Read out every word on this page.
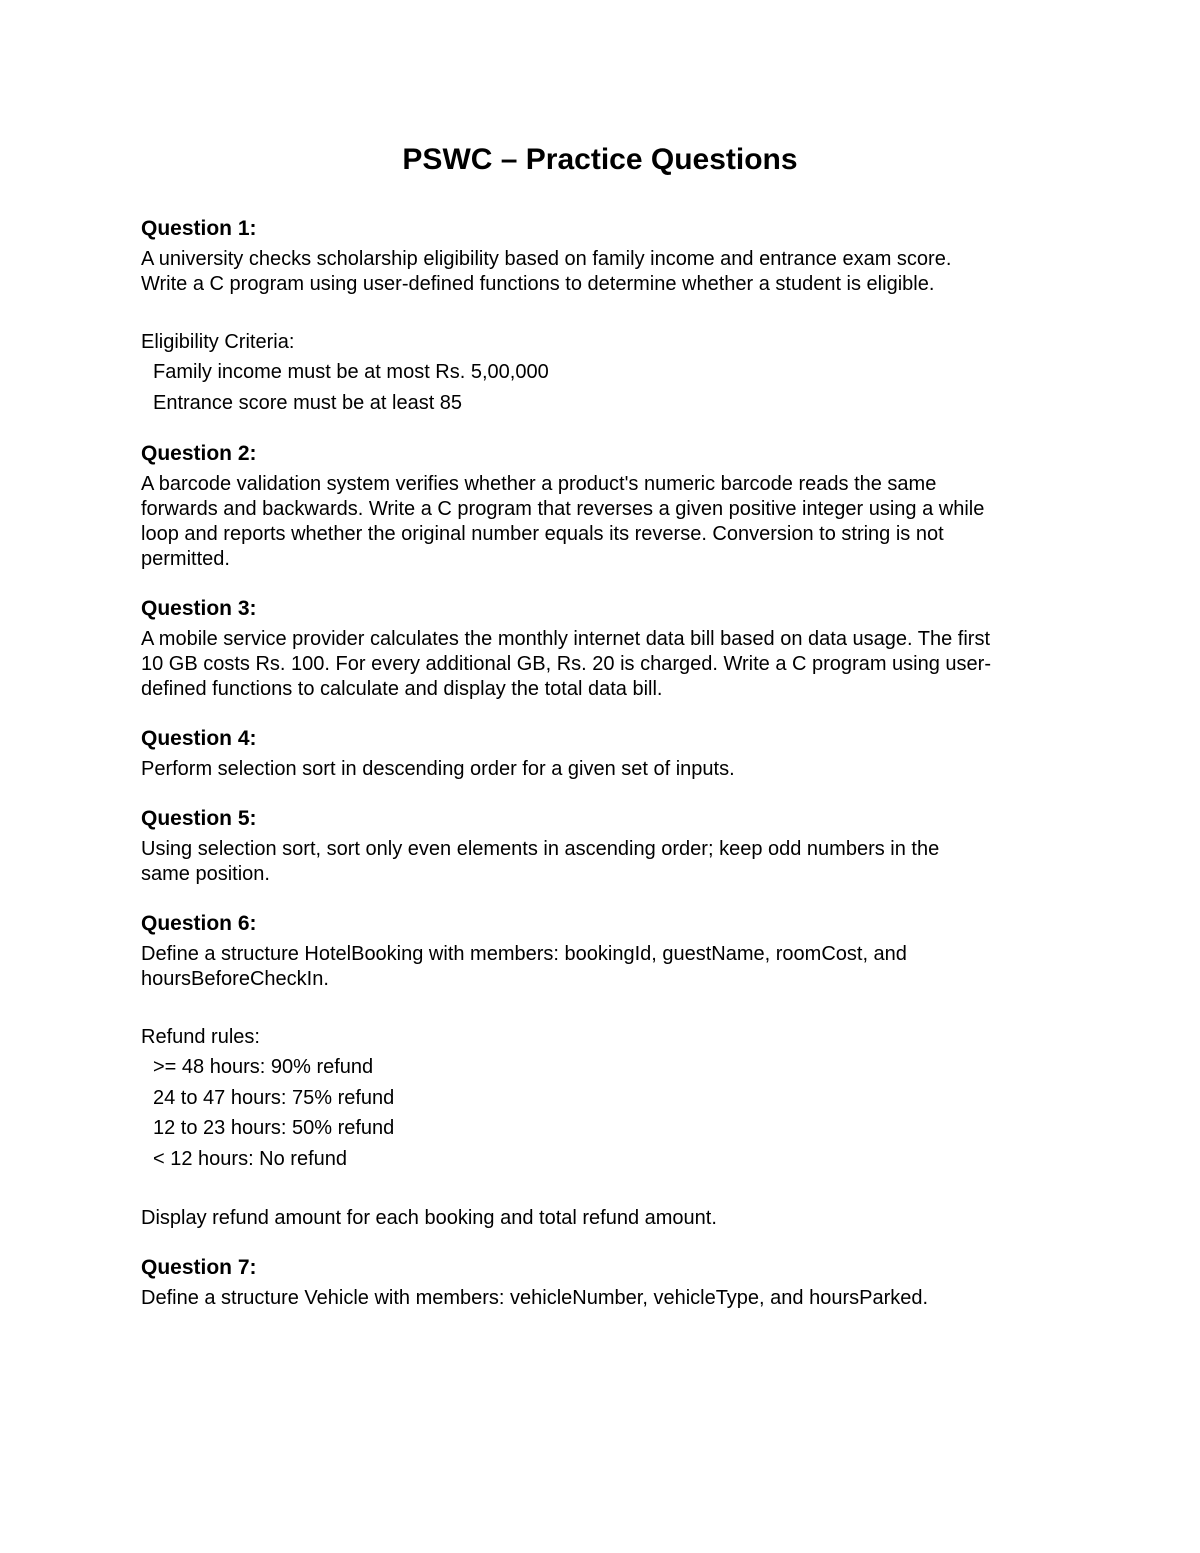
PSWC – Practice Questions

Question 1:

A university checks scholarship eligibility based on family income and entrance exam score.

Write a C program using user-defined functions to determine whether a student is eligible.

Eligibility Criteria:

Family income must be at most Rs. 5,00,000

Entrance score must be at least 85

Question 2:

A barcode validation system verifies whether a product's numeric barcode reads the same

forwards and backwards. Write a C program that reverses a given positive integer using a while

loop and reports whether the original number equals its reverse. Conversion to string is not

permitted.

Question 3:

A mobile service provider calculates the monthly internet data bill based on data usage. The first

10 GB costs Rs. 100. For every additional GB, Rs. 20 is charged. Write a C program using user-

defined functions to calculate and display the total data bill.

Question 4:

Perform selection sort in descending order for a given set of inputs.

Question 5:

Using selection sort, sort only even elements in ascending order; keep odd numbers in the

same position.

Question 6:

Define a structure HotelBooking with members: bookingId, guestName, roomCost, and

hoursBeforeCheckIn.

Refund rules:

>= 48 hours: 90% refund

24 to 47 hours: 75% refund

12 to 23 hours: 50% refund

< 12 hours: No refund

Display refund amount for each booking and total refund amount.

Question 7:

Define a structure Vehicle with members: vehicleNumber, vehicleType, and hoursParked.
